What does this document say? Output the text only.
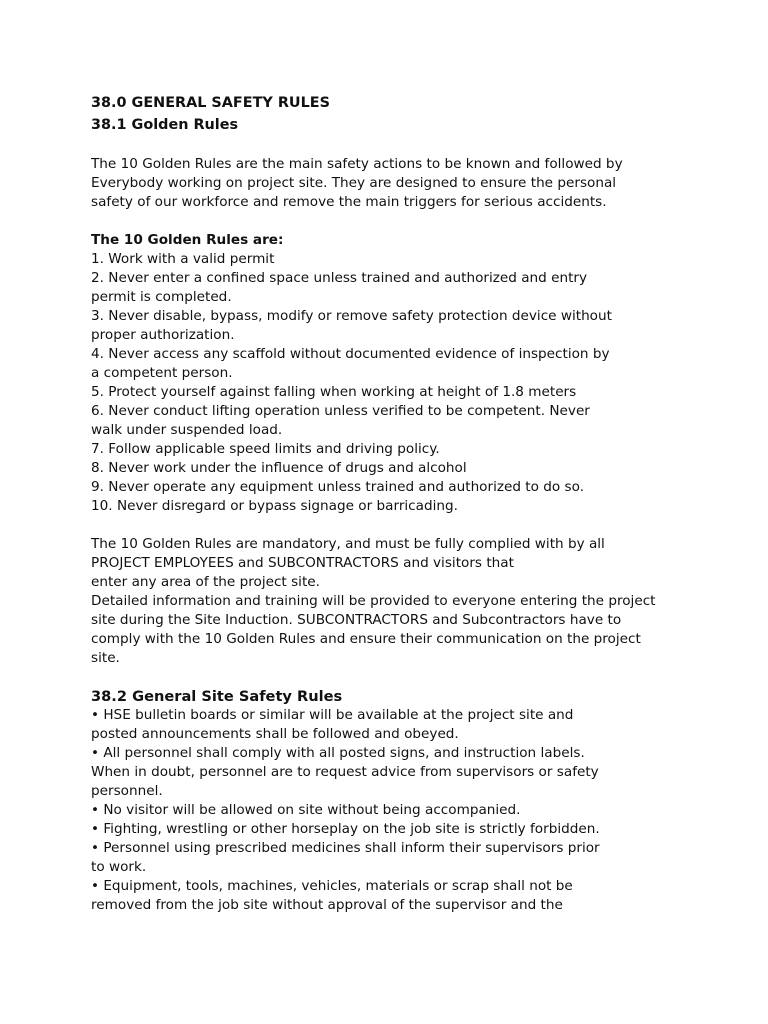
38.0 GENERAL SAFETY RULES
38.1 Golden Rules
The 10 Golden Rules are the main safety actions to be known and followed by
Everybody working on project site. They are designed to ensure the personal
safety of our workforce and remove the main triggers for serious accidents.
The 10 Golden Rules are:
1. Work with a valid permit
2. Never enter a confined space unless trained and authorized and entry
permit is completed.
3. Never disable, bypass, modify or remove safety protection device without
proper authorization.
4. Never access any scaffold without documented evidence of inspection by
a competent person.
5. Protect yourself against falling when working at height of 1.8 meters
6. Never conduct lifting operation unless verified to be competent. Never
walk under suspended load.
7. Follow applicable speed limits and driving policy.
8. Never work under the influence of drugs and alcohol
9. Never operate any equipment unless trained and authorized to do so.
10. Never disregard or bypass signage or barricading.
The 10 Golden Rules are mandatory, and must be fully complied with by all
PROJECT EMPLOYEES and SUBCONTRACTORS and visitors that
enter any area of the project site.
Detailed information and training will be provided to everyone entering the project
site during the Site Induction. SUBCONTRACTORS and Subcontractors have to
comply with the 10 Golden Rules and ensure their communication on the project
site.
38.2 General Site Safety Rules
• HSE bulletin boards or similar will be available at the project site and
posted announcements shall be followed and obeyed.
• All personnel shall comply with all posted signs, and instruction labels.
When in doubt, personnel are to request advice from supervisors or safety
personnel.
• No visitor will be allowed on site without being accompanied.
• Fighting, wrestling or other horseplay on the job site is strictly forbidden.
• Personnel using prescribed medicines shall inform their supervisors prior
to work.
• Equipment, tools, machines, vehicles, materials or scrap shall not be
removed from the job site without approval of the supervisor and the
